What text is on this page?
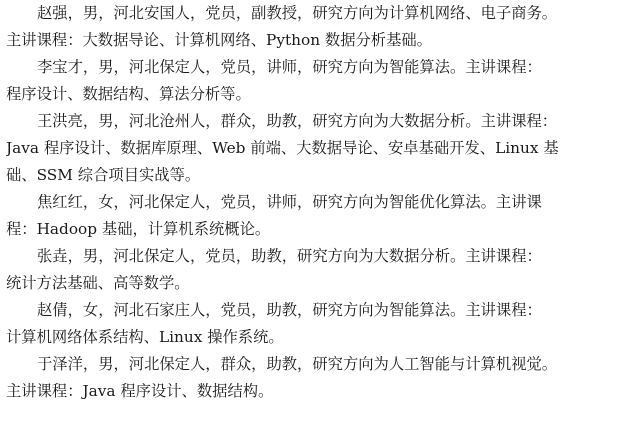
赵强，男，河北安国人，党员，副教授，研究方向为计算机网络、电子商务。
主讲课程：大数据导论、计算机网络、Python 数据分析基础。

李宝才，男，河北保定人，党员，讲师，研究方向为智能算法。主讲课程：
程序设计、数据结构、算法分析等。

王洪亮，男，河北沧州人，群众，助教，研究方向为大数据分析。主讲课程：
Java 程序设计、数据库原理、Web 前端、大数据导论、安卓基础开发、Linux 基
础、SSM 综合项目实战等。

焦红红，女，河北保定人，党员，讲师，研究方向为智能优化算法。主讲课
程：Hadoop 基础，计算机系统概论。

张垚，男，河北保定人，党员，助教，研究方向为大数据分析。主讲课程：
统计方法基础、高等数学。

赵倩，女，河北石家庄人，党员，助教，研究方向为智能算法。主讲课程：
计算机网络体系结构、Linux 操作系统。

于泽洋，男，河北保定人，群众，助教，研究方向为人工智能与计算机视觉。
主讲课程：Java 程序设计、数据结构。
